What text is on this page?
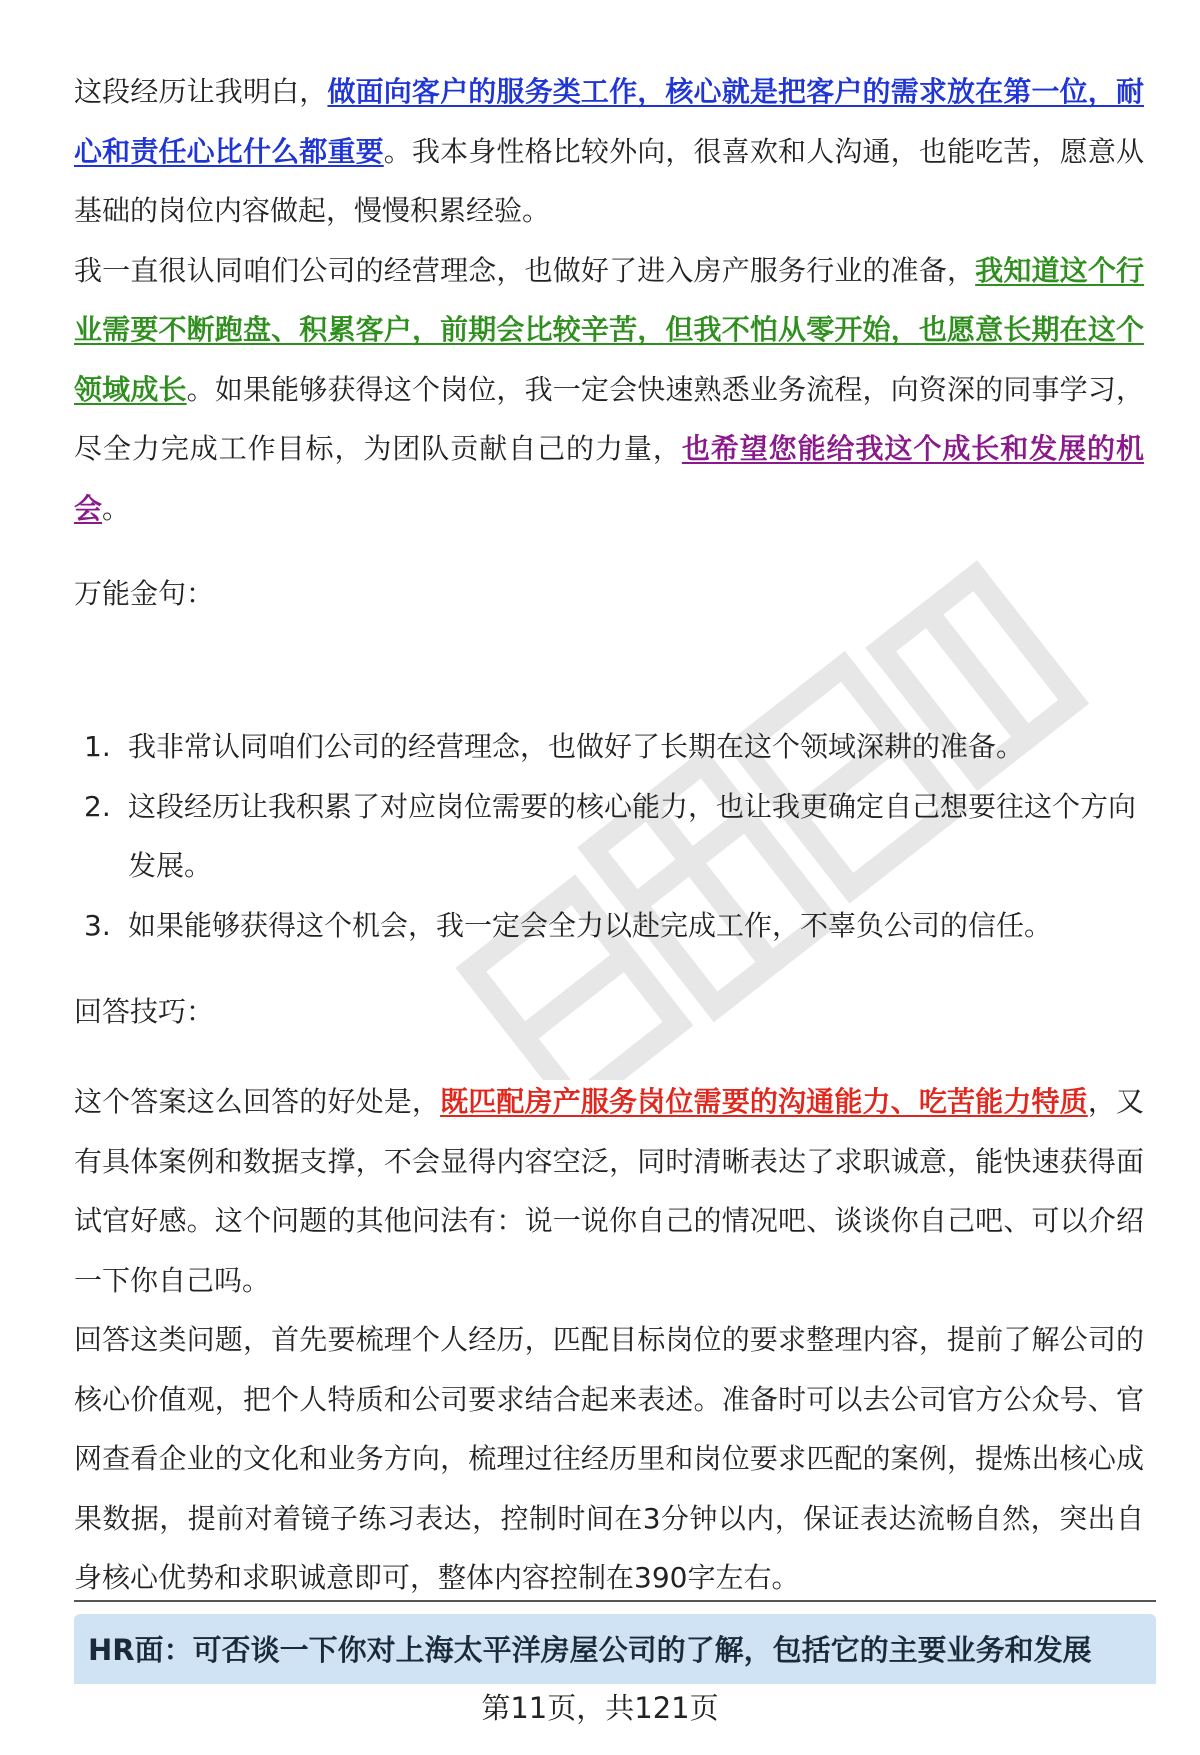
这段经历让我明白，做面向客户的服务类工作，核心就是把客户的需求放在第一位，耐心和责任心比什么都重要。我本身性格比较外向，很喜欢和人沟通，也能吃苦，愿意从基础的岗位内容做起，慢慢积累经验。

我一直很认同咱们公司的经营理念，也做好了进入房产服务行业的准备，我知道这个行业需要不断跑盘、积累客户，前期会比较辛苦，但我不怕从零开始，也愿意长期在这个领域成长。如果能够获得这个岗位，我一定会快速熟悉业务流程，向资深的同事学习，尽全力完成工作目标，为团队贡献自己的力量，也希望您能给我这个成长和发展的机会。

万能金句：

1. 我非常认同咱们公司的经营理念，也做好了长期在这个领域深耕的准备。
2. 这段经历让我积累了对应岗位需要的核心能力，也让我更确定自己想要往这个方向发展。
3. 如果能够获得这个机会，我一定会全力以赴完成工作，不辜负公司的信任。

回答技巧：

这个答案这么回答的好处是，既匹配房产服务岗位需要的沟通能力、吃苦能力特质，又有具体案例和数据支撑，不会显得内容空泛，同时清晰表达了求职诚意，能快速获得面试官好感。这个问题的其他问法有：说一说你自己的情况吧、谈谈你自己吧、可以介绍一下你自己吗。

回答这类问题，首先要梳理个人经历，匹配目标岗位的要求整理内容，提前了解公司的核心价值观，把个人特质和公司要求结合起来表述。准备时可以去公司官方公众号、官网查看企业的文化和业务方向，梳理过往经历里和岗位要求匹配的案例，提炼出核心成果数据，提前对着镜子练习表达，控制时间在3分钟以内，保证表达流畅自然，突出自身核心优势和求职诚意即可，整体内容控制在390字左右。

HR面：可否谈一下你对上海太平洋房屋公司的了解，包括它的主要业务和发展
第11页，共121页
